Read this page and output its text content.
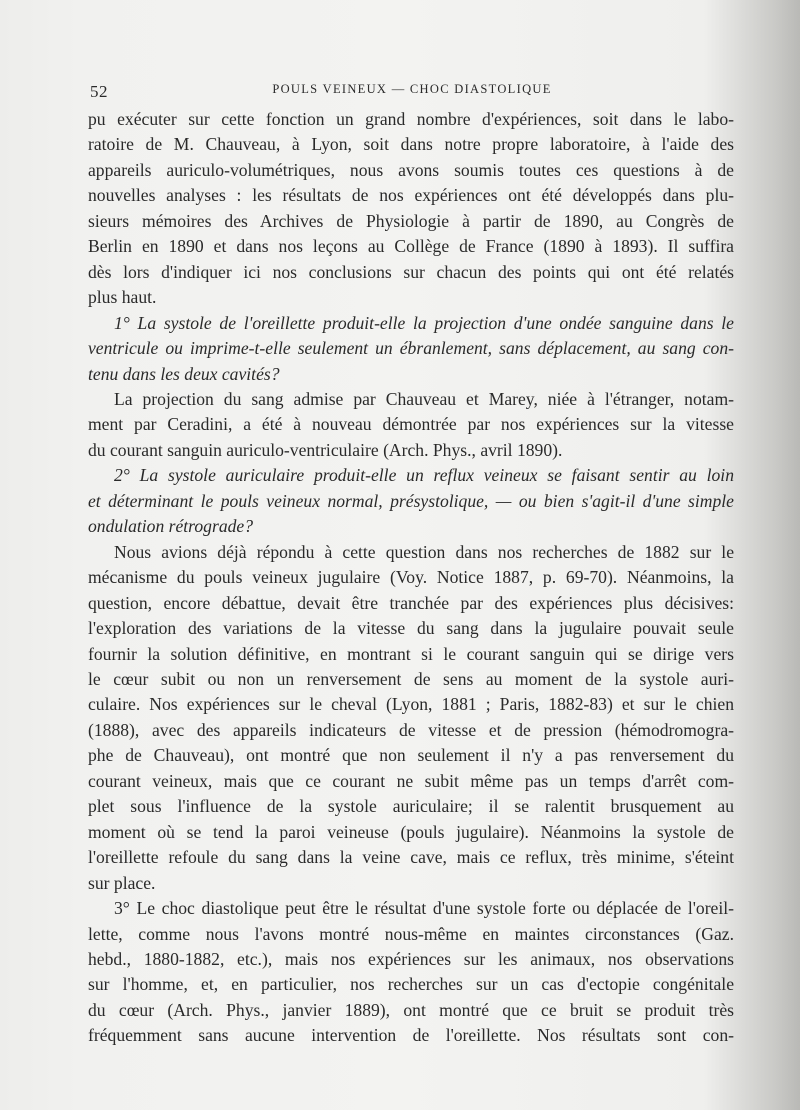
52	POULS VEINEUX — CHOC DIASTOLIQUE

pu exécuter sur cette fonction un grand nombre d'expériences, soit dans le labo-

ratoire de M. Chauveau, à Lyon, soit dans notre propre laboratoire, à l'aide des

appareils auriculo-volumétriques, nous avons soumis toutes ces questions à de

nouvelles analyses : les résultats de nos expériences ont été développés dans plu-

sieurs mémoires des Archives de Physiologie à partir de 1890, au Congrès de

Berlin en 1890 et dans nos leçons au Collège de France (1890 à 1893). Il suffira

dès lors d'indiquer ici nos conclusions sur chacun des points qui ont été relatés

plus haut.

1° La systole de l'oreillette produit-elle la projection d'une ondée sanguine dans le

ventricule ou imprime-t-elle seulement un ébranlement, sans déplacement, au sang con-

tenu dans les deux cavités?

La projection du sang admise par Chauveau et Marey, niée à l'étranger, notam-

ment par Ceradini, a été à nouveau démontrée par nos expériences sur la vitesse

du courant sanguin auriculo-ventriculaire (Arch. Phys., avril 1890).

2° La systole auriculaire produit-elle un reflux veineux se faisant sentir au loin

et déterminant le pouls veineux normal, présystolique, — ou bien s'agit-il d'une simple

ondulation rétrograde?

Nous avions déjà répondu à cette question dans nos recherches de 1882 sur le

mécanisme du pouls veineux jugulaire (Voy. Notice 1887, p. 69-70). Néanmoins, la

question, encore débattue, devait être tranchée par des expériences plus décisives:

l'exploration des variations de la vitesse du sang dans la jugulaire pouvait seule

fournir la solution définitive, en montrant si le courant sanguin qui se dirige vers

le cœur subit ou non un renversement de sens au moment de la systole auri-

culaire. Nos expériences sur le cheval (Lyon, 1881 ; Paris, 1882-83) et sur le chien

(1888), avec des appareils indicateurs de vitesse et de pression (hémodromogra-

phe de Chauveau), ont montré que non seulement il n'y a pas renversement du

courant veineux, mais que ce courant ne subit même pas un temps d'arrêt com-

plet sous l'influence de la systole auriculaire; il se ralentit brusquement au

moment où se tend la paroi veineuse (pouls jugulaire). Néanmoins la systole de

l'oreillette refoule du sang dans la veine cave, mais ce reflux, très minime, s'éteint

sur place.

3° Le choc diastolique peut être le résultat d'une systole forte ou déplacée de l'oreil-

lette, comme nous l'avons montré nous-même en maintes circonstances (Gaz.

hebd., 1880-1882, etc.), mais nos expériences sur les animaux, nos observations

sur l'homme, et, en particulier, nos recherches sur un cas d'ectopie congénitale

du cœur (Arch. Phys., janvier 1889), ont montré que ce bruit se produit très

fréquemment sans aucune intervention de l'oreillette. Nos résultats sont con-
